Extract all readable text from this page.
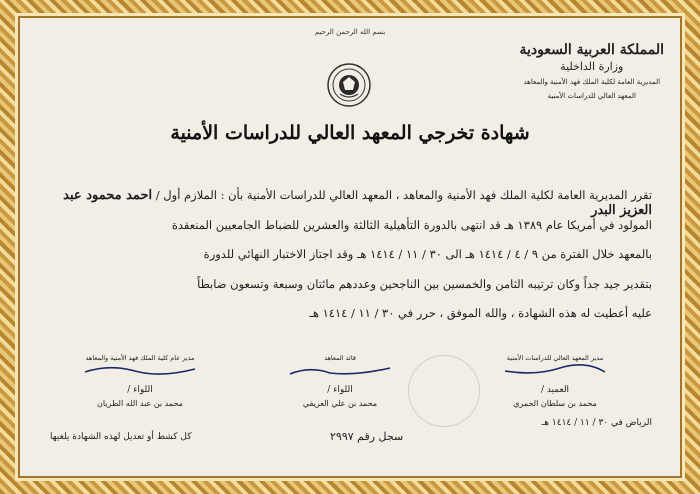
بسم الله الرحمن الرحيم
المملكة العربية السعودية
وزارة الداخلية
المديرية العامة لكلية الملك فهد الأمنية والمعاهد
المعهد العالي للدراسات الأمنية
شهادة تخرجي المعهد العالي للدراسات الأمنية
تقرر المديرية العامة لكلية الملك فهد الأمنية والمعاهد ، المعهد العالي للدراسات الأمنية بأن : الملازم أول / احمد محمود عبد العزيز البدر
المولود في أمريكا عام ١٣٨٩ هـ قد انتهى بالدورة التأهيلية الثالثة والعشرين للضباط الجامعيين المنعقدة
بالمعهد خلال الفترة من ٩ / ٤ / ١٤١٤ هـ الى ٣٠ / ١١ / ١٤١٤ هـ وقد اجتاز الاختبار النهائي للدورة
بتقدير جيد جداً وكان ترتيبه الثامن والخمسين بين الناجحين وعددهم مائتان وسبعة وتسعون ضابطاً
عليه أعطيت له هذه الشهادة ، والله الموفق ، حرر في ٣٠ / ١١ / ١٤١٤ هـ
مدير عام كلية الملك فهد الأمنية والمعاهد
اللواء /
محمد بن عبد الله الطريان
قائد المعاهد
اللواء /
محمد بن علي العريفي
مدير المعهد العالي للدراسات الأمنية
العميد /
محمد بن سلطان الحمري
كل كشط أو تعديل لهذه الشهادة يلغيها	سجل رقم ٢٩٩٧
الرياض في ٣٠ / ١١ / ١٤١٤ هـ
